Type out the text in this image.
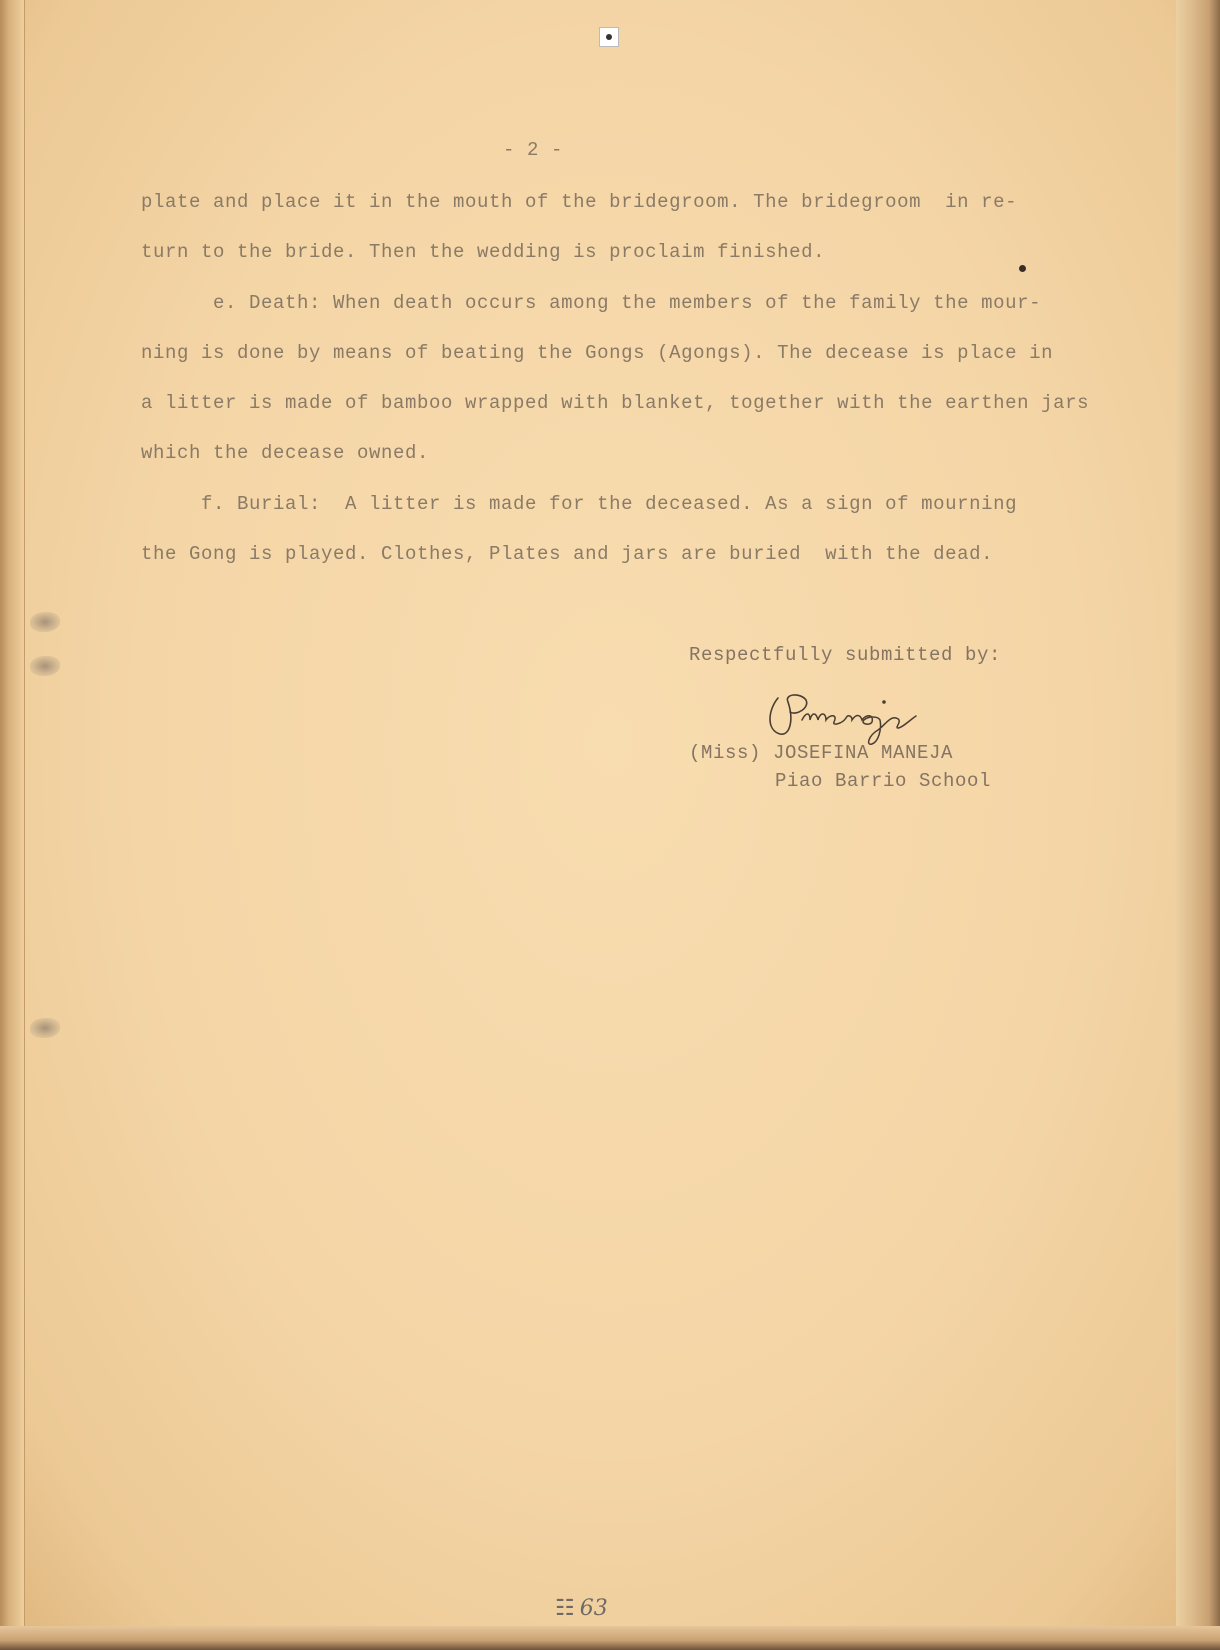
- 2 -

plate and place it in the mouth of the bridegroom. The bridegroom  in re-

turn to the bride. Then the wedding is proclaim finished.

e. Death: When death occurs among the members of the family the mour-

ning is done by means of beating the Gongs (Agongs). The decease is place in

a litter is made of bamboo wrapped with blanket, together with the earthen jars

which the decease owned.

f. Burial:  A litter is made for the deceased. As a sign of mourning

the Gong is played. Clothes, Plates and jars are buried  with the dead.

Respectfully submitted by:

(Miss) JOSEFINA MANEJA

Piao Barrio School

☷ 63
